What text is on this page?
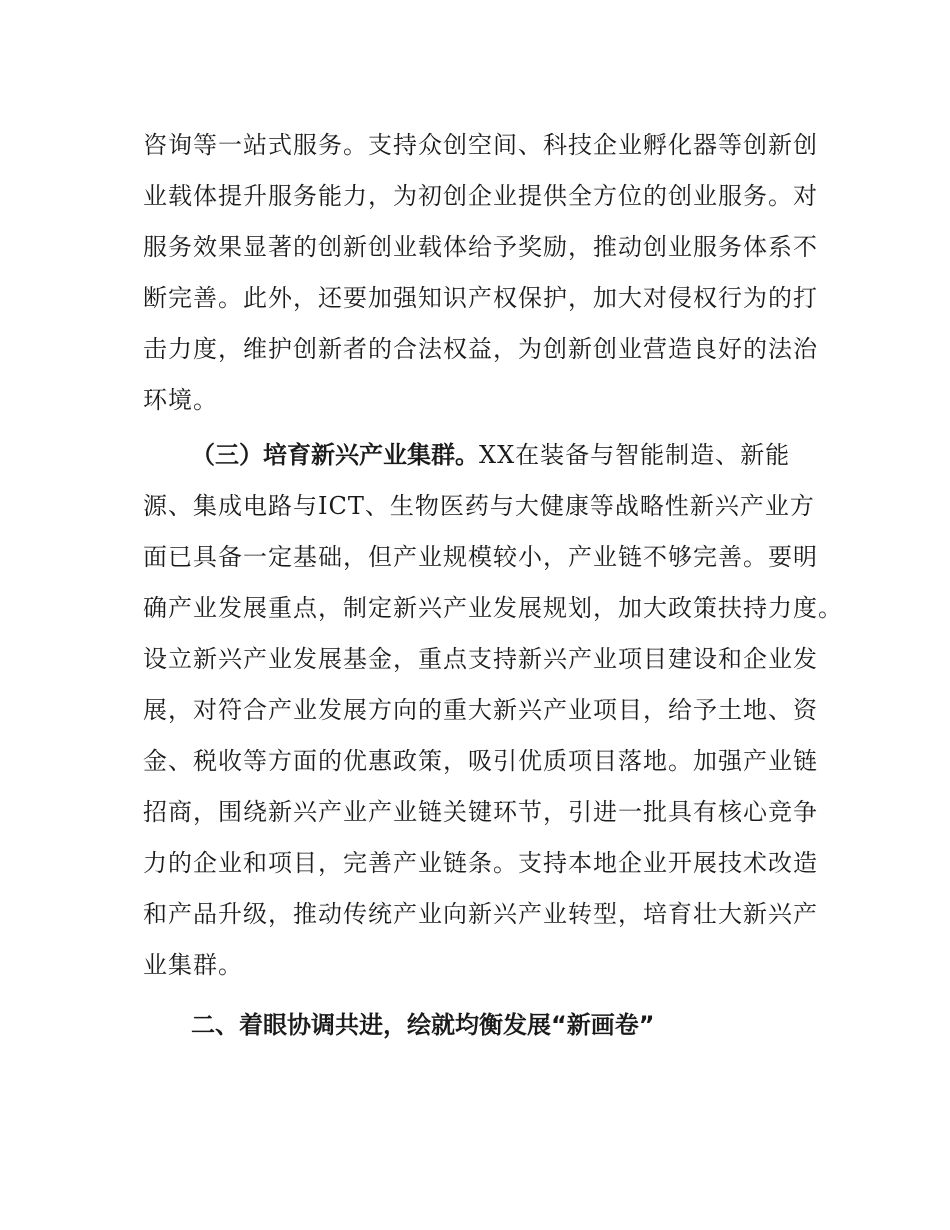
咨询等一站式服务。支持众创空间、科技企业孵化器等创新创
业载体提升服务能力，为初创企业提供全方位的创业服务。对
服务效果显著的创新创业载体给予奖励，推动创业服务体系不
断完善。此外，还要加强知识产权保护，加大对侵权行为的打
击力度，维护创新者的合法权益，为创新创业营造良好的法治
环境。
（三）培育新兴产业集群。XX在装备与智能制造、新能
源、集成电路与ICT、生物医药与大健康等战略性新兴产业方
面已具备一定基础，但产业规模较小，产业链不够完善。要明
确产业发展重点，制定新兴产业发展规划，加大政策扶持力度。
设立新兴产业发展基金，重点支持新兴产业项目建设和企业发
展，对符合产业发展方向的重大新兴产业项目，给予土地、资
金、税收等方面的优惠政策，吸引优质项目落地。加强产业链
招商，围绕新兴产业产业链关键环节，引进一批具有核心竞争
力的企业和项目，完善产业链条。支持本地企业开展技术改造
和产品升级，推动传统产业向新兴产业转型，培育壮大新兴产
业集群。
二、着眼协调共进，绘就均衡发展“新画卷”
